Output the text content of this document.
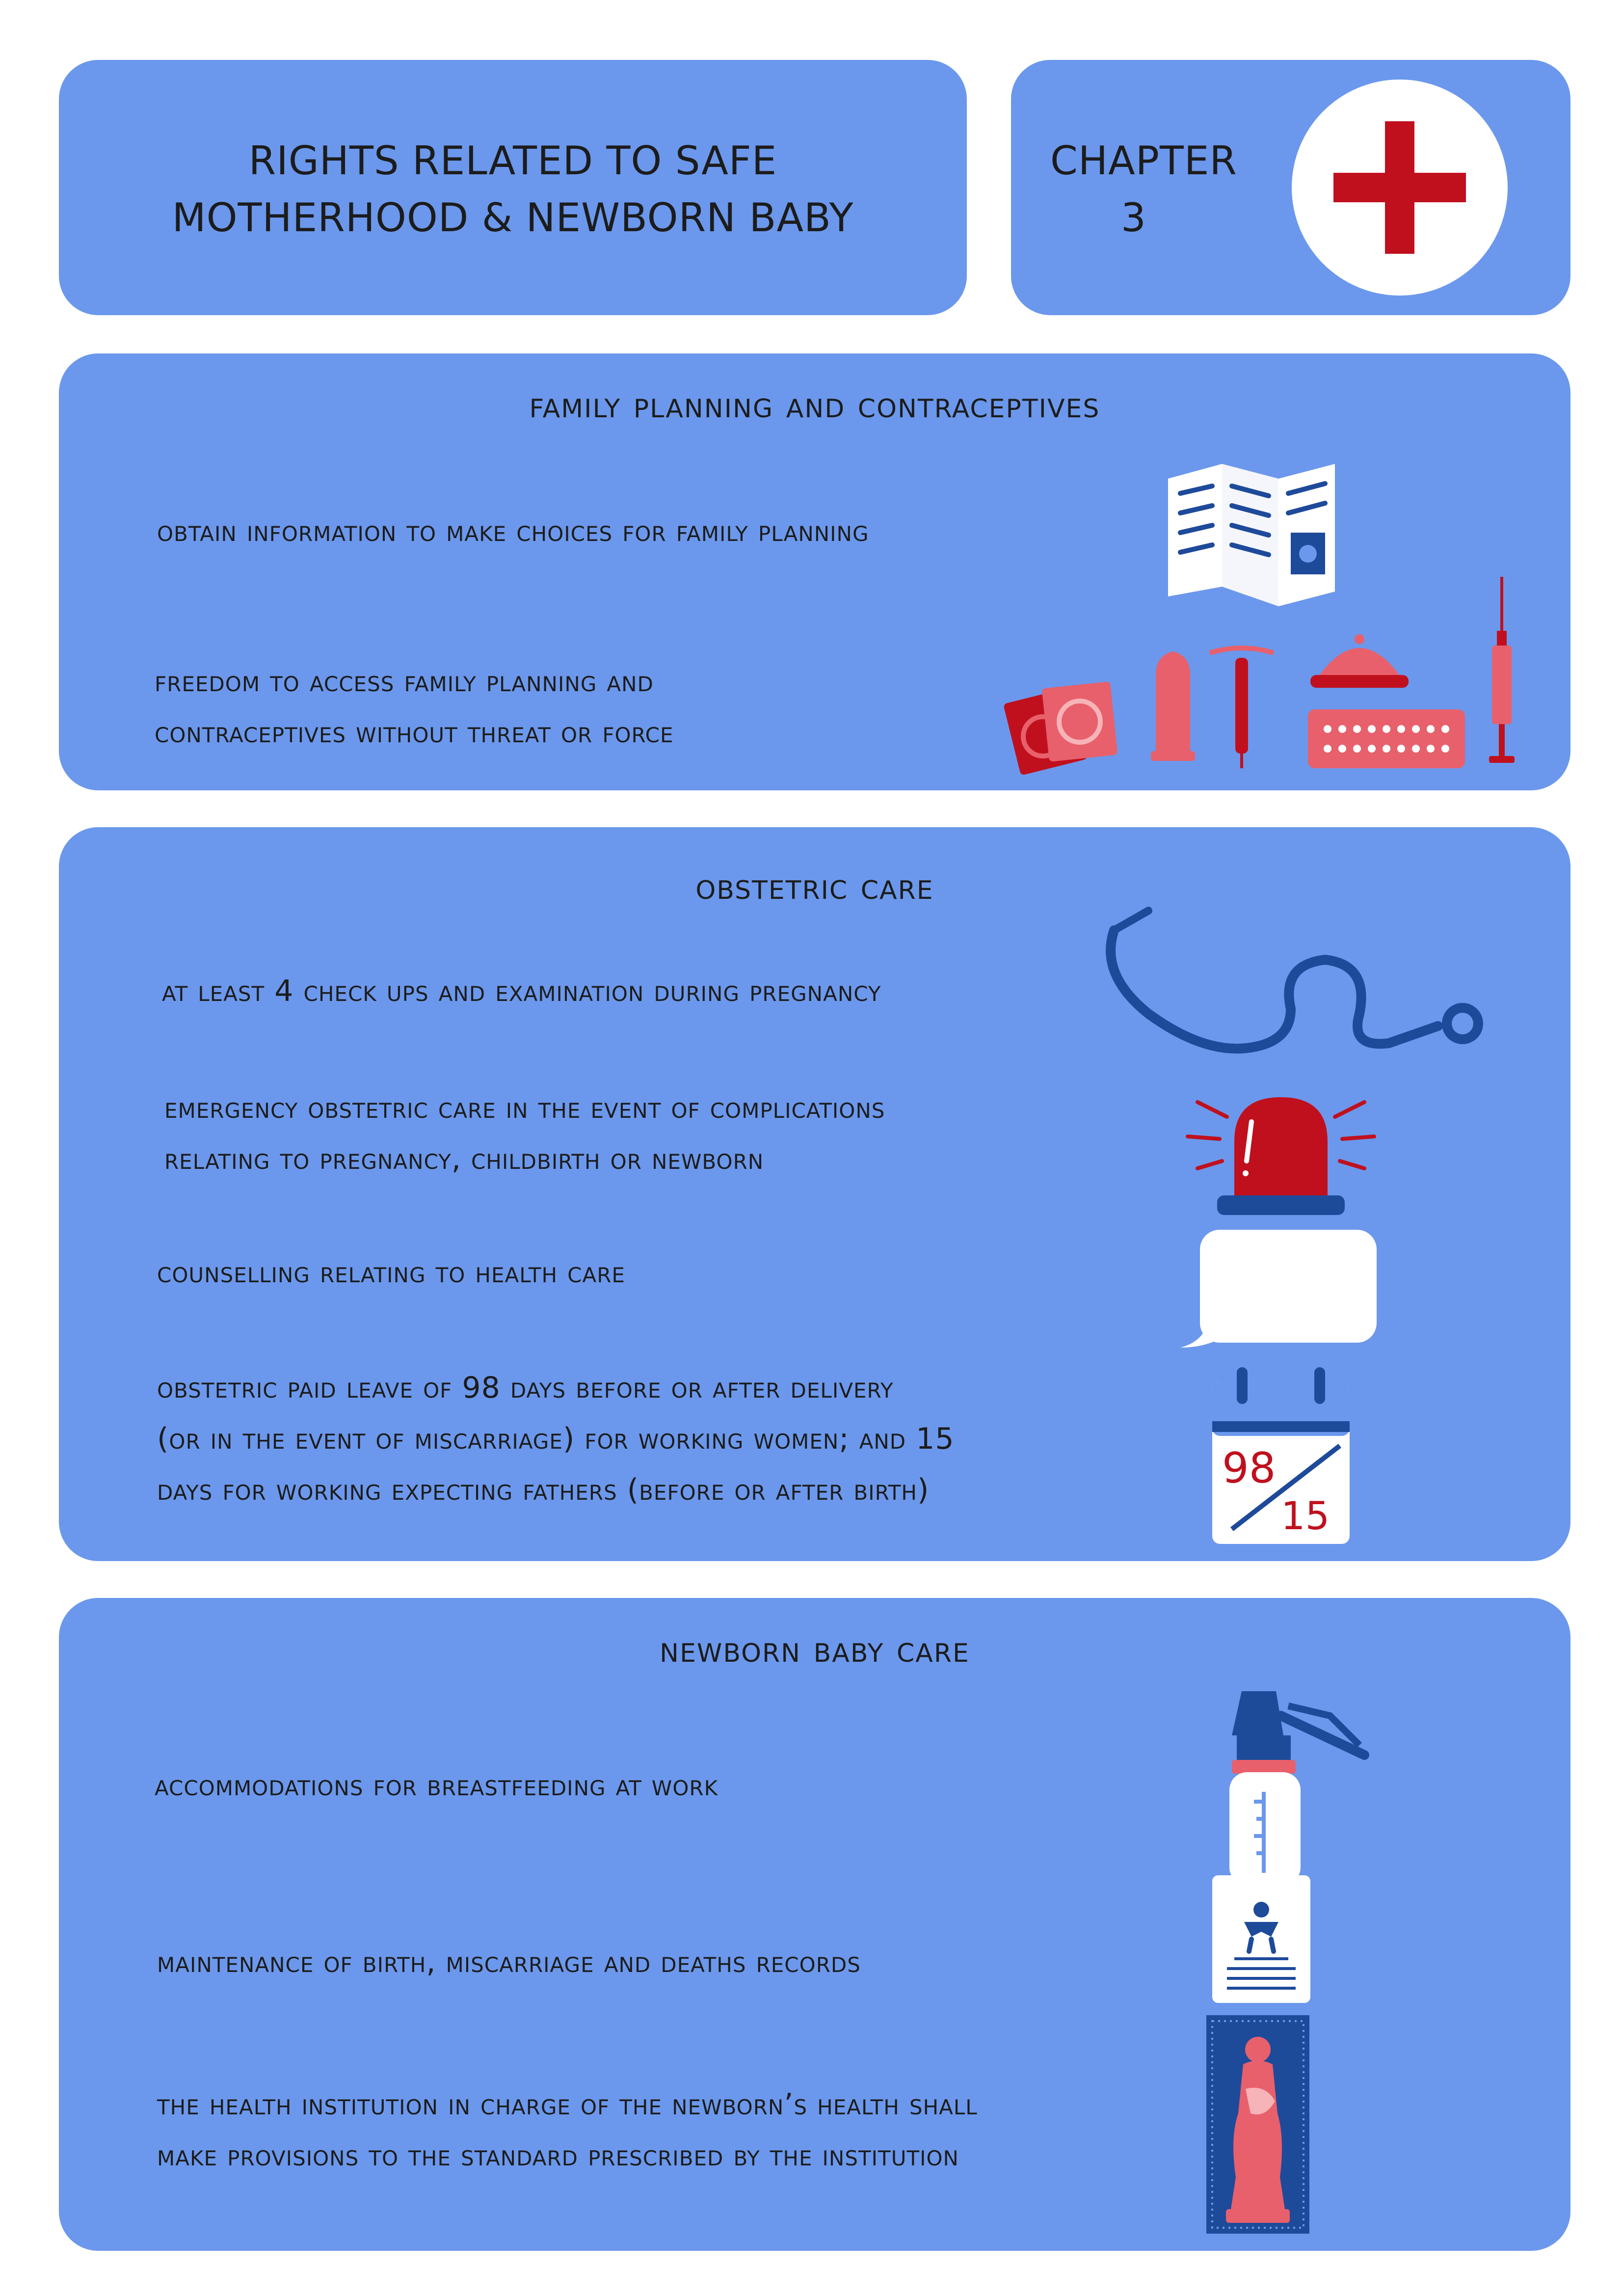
RIGHTS RELATED TO SAFE
MOTHERHOOD & NEWBORN BABY
CHAPTER
3
family planning and contraceptives
obtain information to make choices for family planning
freedom to access family planning and
contraceptives without threat or force
obstetric care
at least 4 check ups and examination during pregnancy
emergency obstetric care in the event of complications
relating to pregnancy, childbirth or newborn
counselling relating to health care
obstetric paid leave of 98 days before or after delivery
(or in the event of miscarriage) for working women; and 15
days for working expecting fathers (before or after birth)	98
15
newborn baby care
accommodations for breastfeeding at work
maintenance of birth, miscarriage and deaths records
the health institution in charge of the newborn’s health shall
make provisions to the standard prescribed by the institution
